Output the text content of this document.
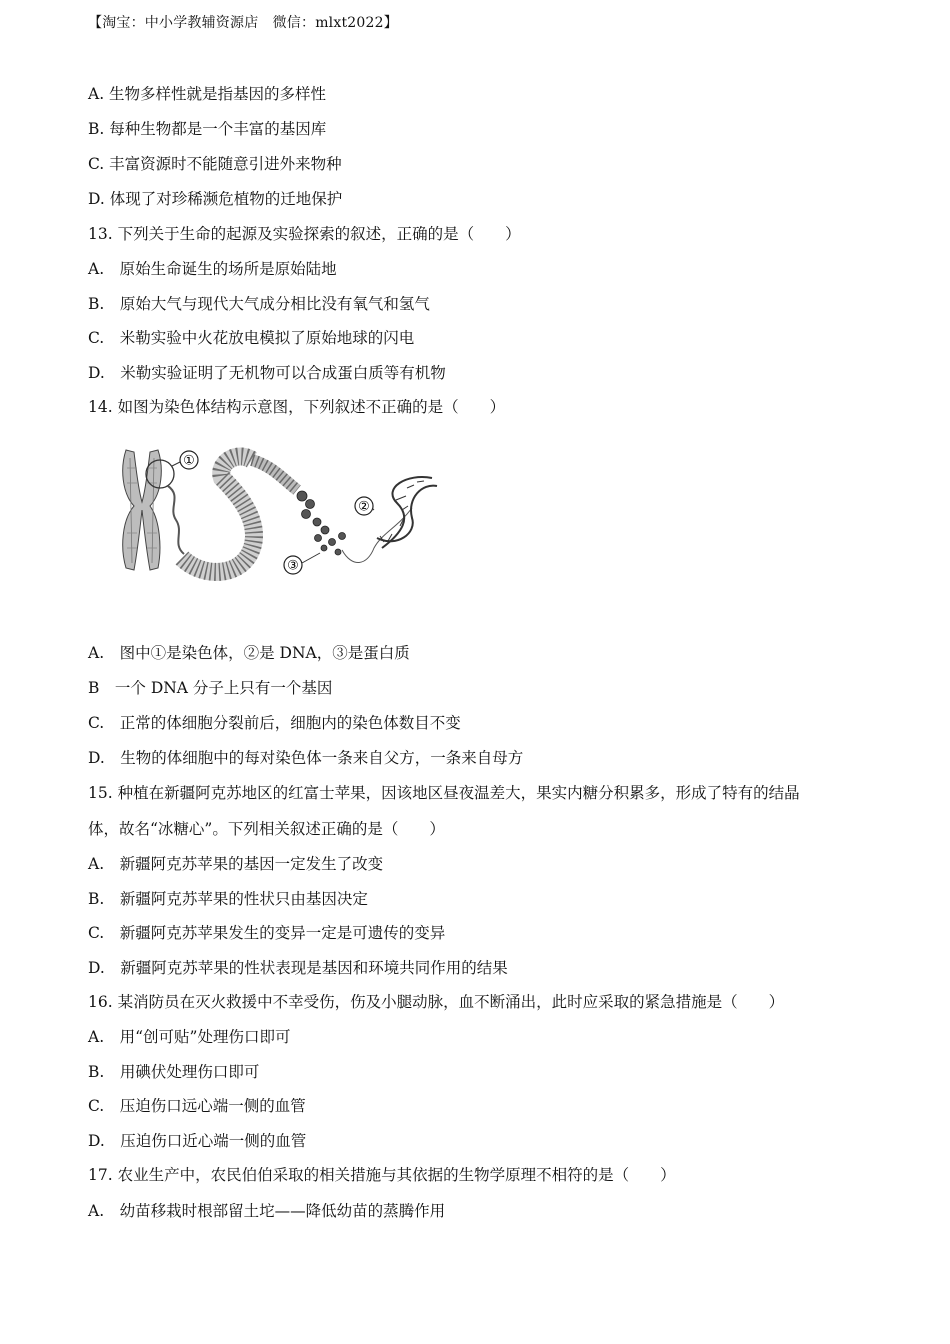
【淘宝：中小学教辅资源店　微信：mlxt2022】
A. 生物多样性就是指基因的多样性
B. 每种生物都是一个丰富的基因库
C. 丰富资源时不能随意引进外来物种
D. 体现了对珍稀濒危植物的迁地保护
13. 下列关于生命的起源及实验探索的叙述，正确的是（　　）
A.　原始生命诞生的场所是原始陆地
B.　原始大气与现代大气成分相比没有氧气和氢气
C.　米勒实验中火花放电模拟了原始地球的闪电
D.　米勒实验证明了无机物可以合成蛋白质等有机物
14. 如图为染色体结构示意图，下列叙述不正确的是（　　）
①
②
③
A.　图中①是染色体，②是 DNA，③是蛋白质
B　一个 DNA 分子上只有一个基因
C.　正常的体细胞分裂前后，细胞内的染色体数目不变
D.　生物的体细胞中的每对染色体一条来自父方，一条来自母方
15. 种植在新疆阿克苏地区的红富士苹果，因该地区昼夜温差大，果实内糖分积累多，形成了特有的结晶
体，故名“冰糖心”。下列相关叙述正确的是（　　）
A.　新疆阿克苏苹果的基因一定发生了改变
B.　新疆阿克苏苹果的性状只由基因决定
C.　新疆阿克苏苹果发生的变异一定是可遗传的变异
D.　新疆阿克苏苹果的性状表现是基因和环境共同作用的结果
16. 某消防员在灭火救援中不幸受伤，伤及小腿动脉，血不断涌出，此时应采取的紧急措施是（　　）
A.　用“创可贴”处理伤口即可
B.　用碘伏处理伤口即可
C.　压迫伤口远心端一侧的血管
D.　压迫伤口近心端一侧的血管
17. 农业生产中，农民伯伯采取的相关措施与其依据的生物学原理不相符的是（　　）
A.　幼苗移栽时根部留土坨——降低幼苗的蒸腾作用
